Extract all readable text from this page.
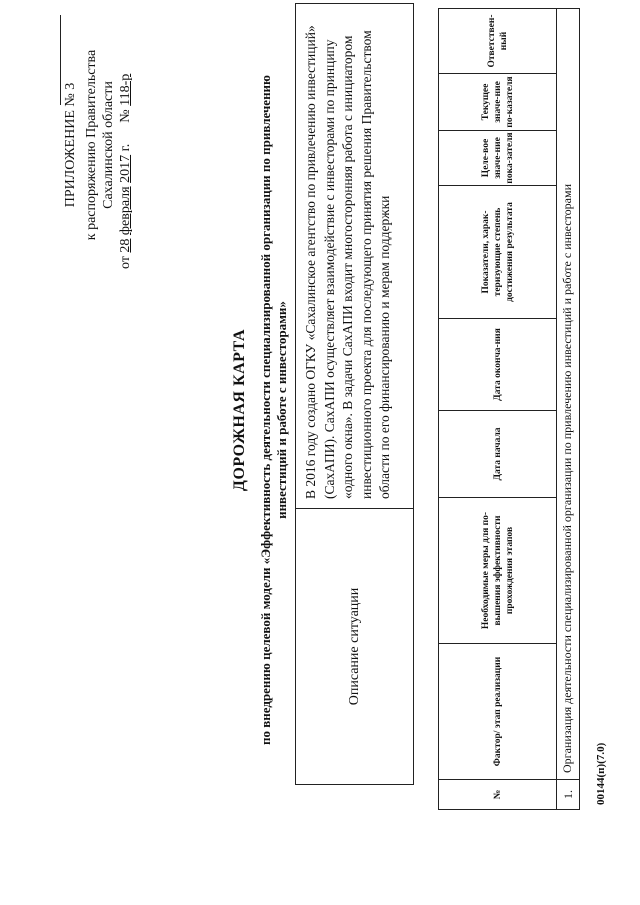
ПРИЛОЖЕНИЕ № 3 к распоряжению Правительства Сахалинской области
от 28 февраля 2017 г.      № 118-р
ДОРОЖНАЯ КАРТА по внедрению целевой модели «Эффективность деятельности специализированной организации по привлечению инвестиций и работе с инвесторами»
Описание ситуации
В 2016 году создано ОГКУ «Сахалинское агентство по привлечению инвестиций» (СахАПИ). СахАПИ осуществляет взаимодействие с инвесторами по принципу «одного окна». В задачи СахАПИ входит многосторонняя работа с инициатором инвестиционного проекта для последующего принятия решения Правительством области по его финансированию и мерам поддержки
№
Фактор/ этап реализации
Необходимые меры для по-вышения эффективности прохождения этапов
Дата начала
Дата оконча-ния
Показатели, харак-теризующие степень достижения результата
Целе-вое значе-ние пока-зателя
Текущее значе-ние по-казателя
Ответствен-ный
1.
Организация деятельности специализированной организации по привлечению инвестиций и работе с инвесторами
00144(п)(7.0)
